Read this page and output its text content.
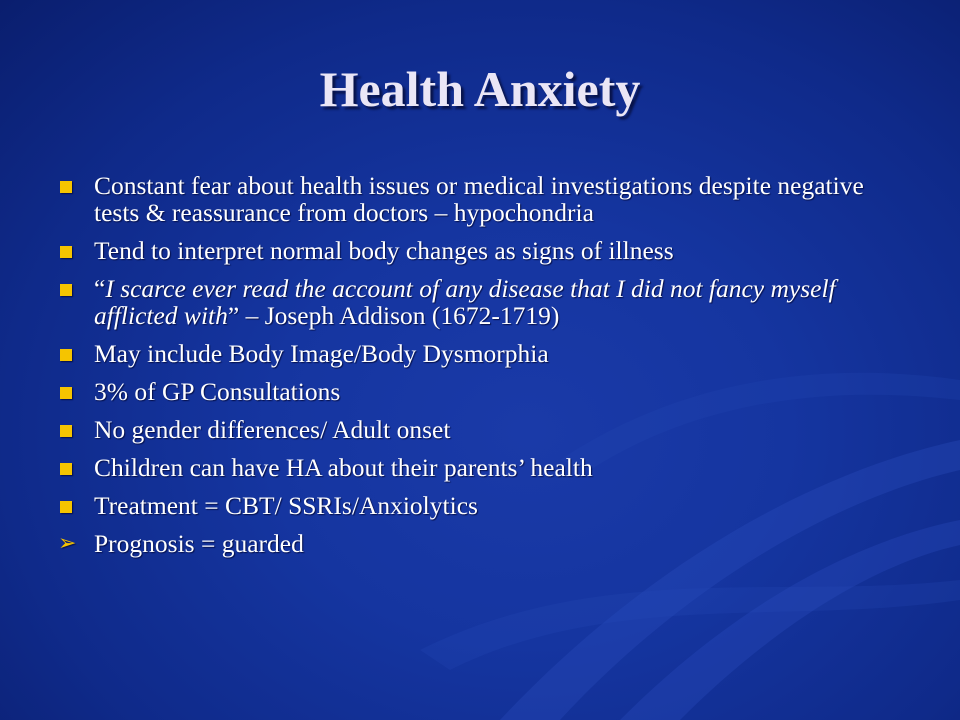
Health Anxiety
Constant fear about health issues or medical investigations despite negative tests & reassurance from doctors – hypochondria
Tend to interpret normal body changes as signs of illness
“I scarce ever read the account of any disease that I did not fancy myself afflicted with” – Joseph Addison (1672-1719)
May include Body Image/Body Dysmorphia
3% of GP Consultations
No gender differences/ Adult onset
Children can have HA about their parents’ health
Treatment = CBT/ SSRIs/Anxiolytics
➢ Prognosis = guarded
